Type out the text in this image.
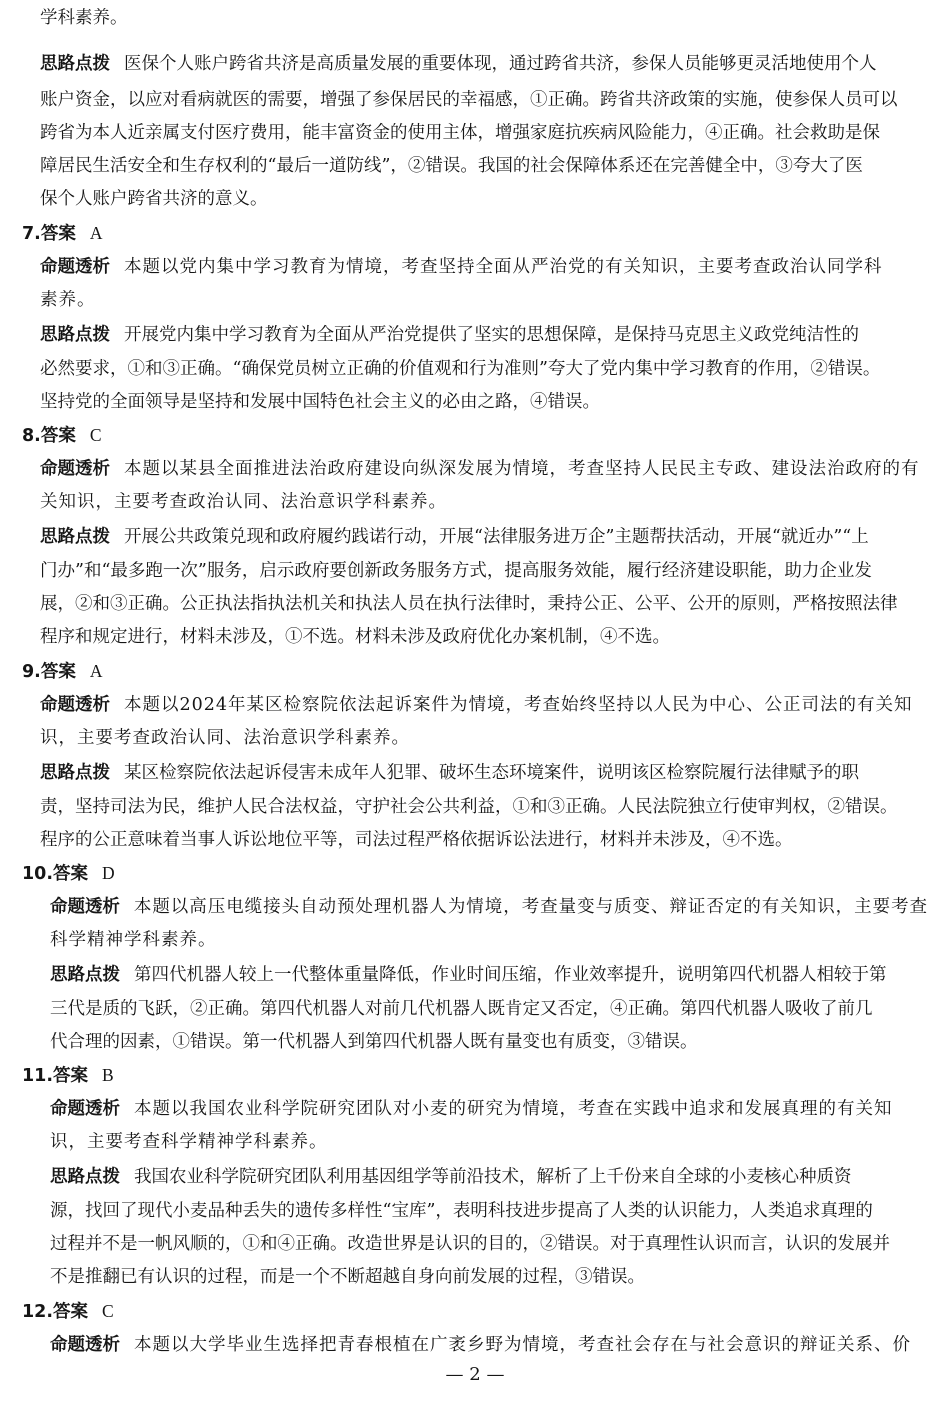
学科素养。
思路点拨 医保个人账户跨省共济是高质量发展的重要体现，通过跨省共济，参保人员能够更灵活地使用个人
账户资金，以应对看病就医的需要，增强了参保居民的幸福感，①正确。跨省共济政策的实施，使参保人员可以
跨省为本人近亲属支付医疗费用，能丰富资金的使用主体，增强家庭抗疾病风险能力，④正确。社会救助是保
障居民生活安全和生存权利的“最后一道防线”，②错误。我国的社会保障体系还在完善健全中，③夸大了医
保个人账户跨省共济的意义。
7.答案 A
命题透析 本题以党内集中学习教育为情境，考查坚持全面从严治党的有关知识，主要考查政治认同学科
素养。
思路点拨 开展党内集中学习教育为全面从严治党提供了坚实的思想保障，是保持马克思主义政党纯洁性的
必然要求，①和③正确。“确保党员树立正确的价值观和行为准则”夸大了党内集中学习教育的作用，②错误。
坚持党的全面领导是坚持和发展中国特色社会主义的必由之路，④错误。
8.答案 C
命题透析 本题以某县全面推进法治政府建设向纵深发展为情境，考查坚持人民民主专政、建设法治政府的有
关知识，主要考查政治认同、法治意识学科素养。
思路点拨 开展公共政策兑现和政府履约践诺行动，开展“法律服务进万企”主题帮扶活动，开展“就近办”“上
门办”和“最多跑一次”服务，启示政府要创新政务服务方式，提高服务效能，履行经济建设职能，助力企业发
展，②和③正确。公正执法指执法机关和执法人员在执行法律时，秉持公正、公平、公开的原则，严格按照法律
程序和规定进行，材料未涉及，①不选。材料未涉及政府优化办案机制，④不选。
9.答案 A
命题透析 本题以2024年某区检察院依法起诉案件为情境，考查始终坚持以人民为中心、公正司法的有关知
识，主要考查政治认同、法治意识学科素养。
思路点拨 某区检察院依法起诉侵害未成年人犯罪、破坏生态环境案件，说明该区检察院履行法律赋予的职
责，坚持司法为民，维护人民合法权益，守护社会公共利益，①和③正确。人民法院独立行使审判权，②错误。
程序的公正意味着当事人诉讼地位平等，司法过程严格依据诉讼法进行，材料并未涉及，④不选。
10.答案 D
命题透析 本题以高压电缆接头自动预处理机器人为情境，考查量变与质变、辩证否定的有关知识，主要考查
科学精神学科素养。
思路点拨 第四代机器人较上一代整体重量降低，作业时间压缩，作业效率提升，说明第四代机器人相较于第
三代是质的飞跃，②正确。第四代机器人对前几代机器人既肯定又否定，④正确。第四代机器人吸收了前几
代合理的因素，①错误。第一代机器人到第四代机器人既有量变也有质变，③错误。
11.答案 B
命题透析 本题以我国农业科学院研究团队对小麦的研究为情境，考查在实践中追求和发展真理的有关知
识，主要考查科学精神学科素养。
思路点拨 我国农业科学院研究团队利用基因组学等前沿技术，解析了上千份来自全球的小麦核心种质资
源，找回了现代小麦品种丢失的遗传多样性“宝库”，表明科技进步提高了人类的认识能力，人类追求真理的
过程并不是一帆风顺的，①和④正确。改造世界是认识的目的，②错误。对于真理性认识而言，认识的发展并
不是推翻已有认识的过程，而是一个不断超越自身向前发展的过程，③错误。
12.答案 C
命题透析 本题以大学毕业生选择把青春根植在广袤乡野为情境，考查社会存在与社会意识的辩证关系、价
— 2 —
